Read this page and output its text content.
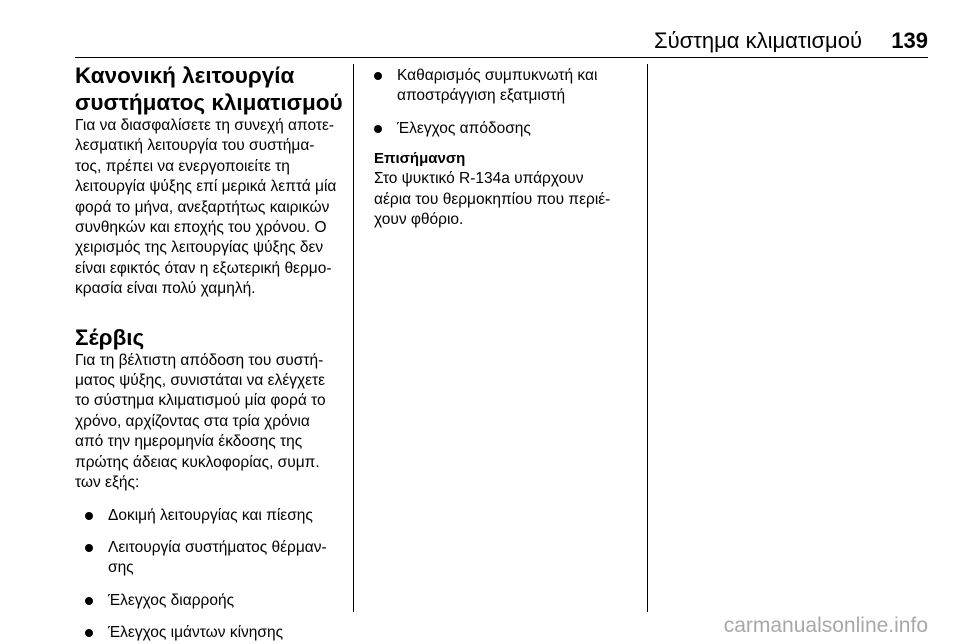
Σύστημα κλιματισμού	139
Κανονική λειτουργία
συστήματος κλιματισμού

Για να διασφαλίσετε τη συνεχή αποτε-

λεσματική λειτουργία του συστήμα-

τος, πρέπει να ενεργοποιείτε τη

λειτουργία ψύξης επί μερικά λεπτά μία

φορά το μήνα, ανεξαρτήτως καιρικών

συνθηκών και εποχής του χρόνου. Ο

χειρισμός της λειτουργίας ψύξης δεν

είναι εφικτός όταν η εξωτερική θερμο-

κρασία είναι πολύ χαμηλή.

Σέρβις

Για τη βέλτιστη απόδοση του συστή-

ματος ψύξης, συνιστάται να ελέγχετε

το σύστημα κλιματισμού μία φορά το

χρόνο, αρχίζοντας στα τρία χρόνια

από την ημερομηνία έκδοσης της

πρώτης άδειας κυκλοφορίας, συμπ.

των εξής:

Δοκιμή λειτουργίας και πίεσης
Λειτουργία συστήματος θέρμαν-
σης
Έλεγχος διαρροής
Έλεγχος ιμάντων κίνησης
Καθαρισμός συμπυκνωτή και
αποστράγγιση εξατμιστή
Έλεγχος απόδοσης

Επισήμανση

Στο ψυκτικό R-134a υπάρχουν

αέρια του θερμοκηπίου που περιέ-

χουν φθόριο.

carmanualsonline.info
